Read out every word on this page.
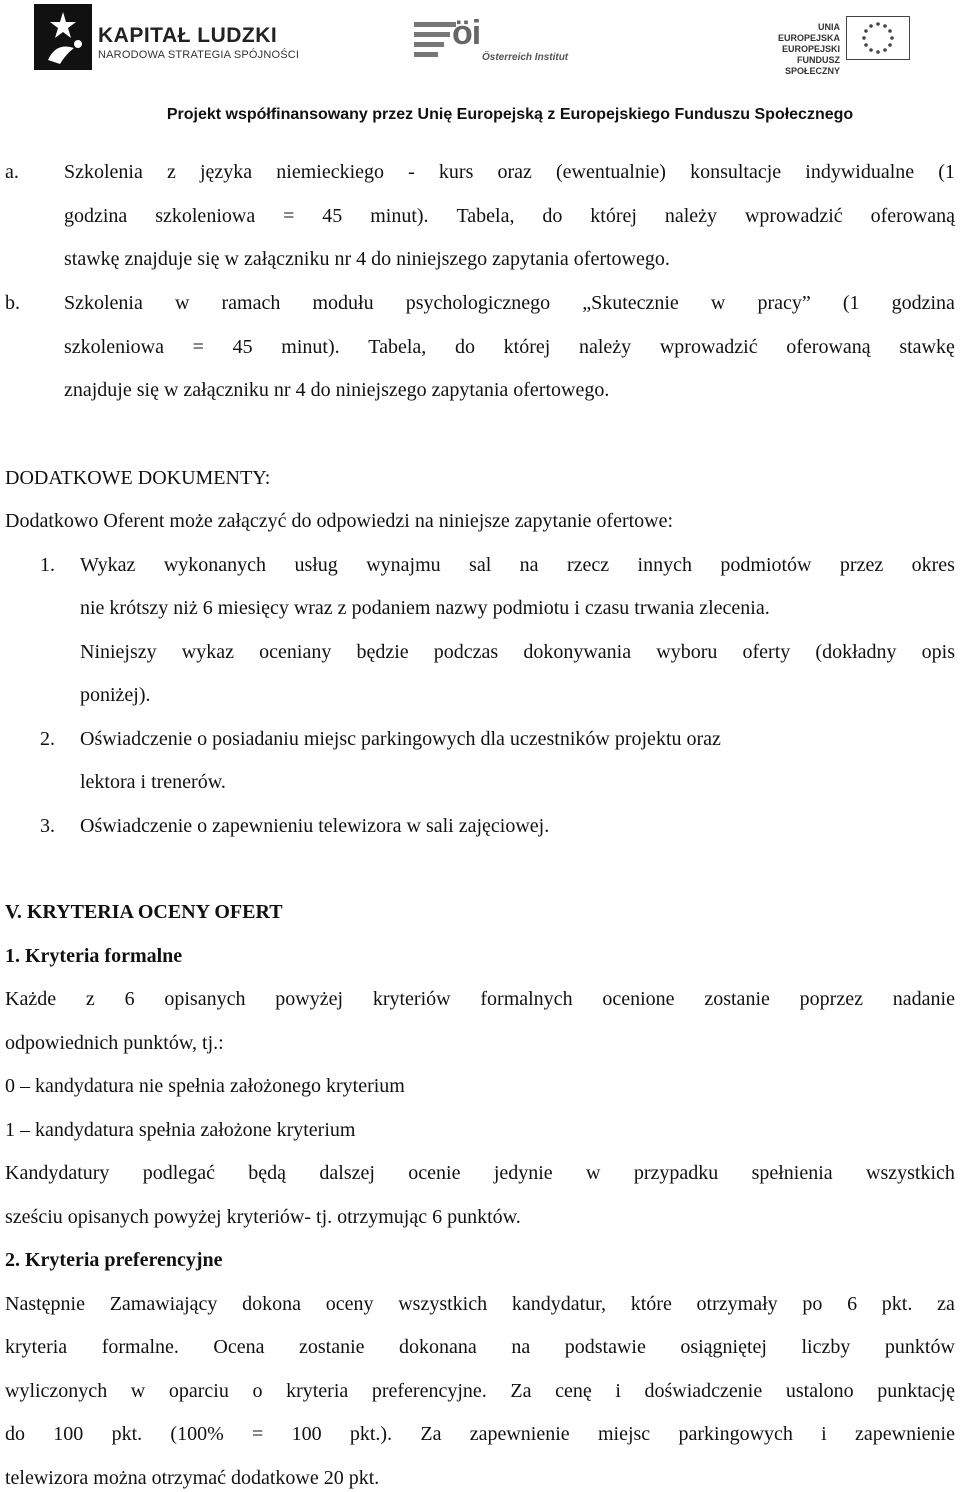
KAPITAŁ LUDZKI
NARODOWA STRATEGIA SPÓJNOŚCI
öi
Österreich Institut
UNIA EUROPEJSKA
EUROPEJSKI
FUNDUSZ SPOŁECZNY
Projekt współfinansowany przez Unię Europejską z Europejskiego Funduszu Społecznego
a. Szkolenia z języka niemieckiego - kurs oraz (ewentualnie) konsultacje indywidualne (1
godzina szkoleniowa = 45 minut). Tabela, do której należy wprowadzić oferowaną
stawkę znajduje się w załączniku nr 4 do niniejszego zapytania ofertowego.
b. Szkolenia w ramach modułu psychologicznego „Skutecznie w pracy” (1 godzina
szkoleniowa = 45 minut). Tabela, do której należy wprowadzić oferowaną stawkę
znajduje się w załączniku nr 4 do niniejszego zapytania ofertowego.
DODATKOWE DOKUMENTY:
Dodatkowo Oferent może załączyć do odpowiedzi na niniejsze zapytanie ofertowe:
1. Wykaz wykonanych usług wynajmu sal na rzecz innych podmiotów przez okres
nie krótszy niż 6 miesięcy wraz z podaniem nazwy podmiotu i czasu trwania zlecenia.
Niniejszy wykaz oceniany będzie podczas dokonywania wyboru oferty (dokładny opis
poniżej).
2. Oświadczenie o posiadaniu miejsc parkingowych dla uczestników projektu oraz
lektora i trenerów.
3. Oświadczenie o zapewnieniu telewizora w sali zajęciowej.
V. KRYTERIA OCENY OFERT
1. Kryteria formalne
Każde z 6 opisanych powyżej kryteriów formalnych ocenione zostanie poprzez nadanie
odpowiednich punktów, tj.:
0 – kandydatura nie spełnia założonego kryterium
1 – kandydatura spełnia założone kryterium
Kandydatury podlegać będą dalszej ocenie jedynie w przypadku spełnienia wszystkich
sześciu opisanych powyżej kryteriów- tj. otrzymując 6 punktów.
2. Kryteria preferencyjne
Następnie Zamawiający dokona oceny wszystkich kandydatur, które otrzymały po 6 pkt. za
kryteria formalne. Ocena zostanie dokonana na podstawie osiągniętej liczby punktów
wyliczonych w oparciu o kryteria preferencyjne. Za cenę i doświadczenie ustalono punktację
do 100 pkt. (100% = 100 pkt.). Za zapewnienie miejsc parkingowych i zapewnienie
telewizora można otrzymać dodatkowe 20 pkt.
